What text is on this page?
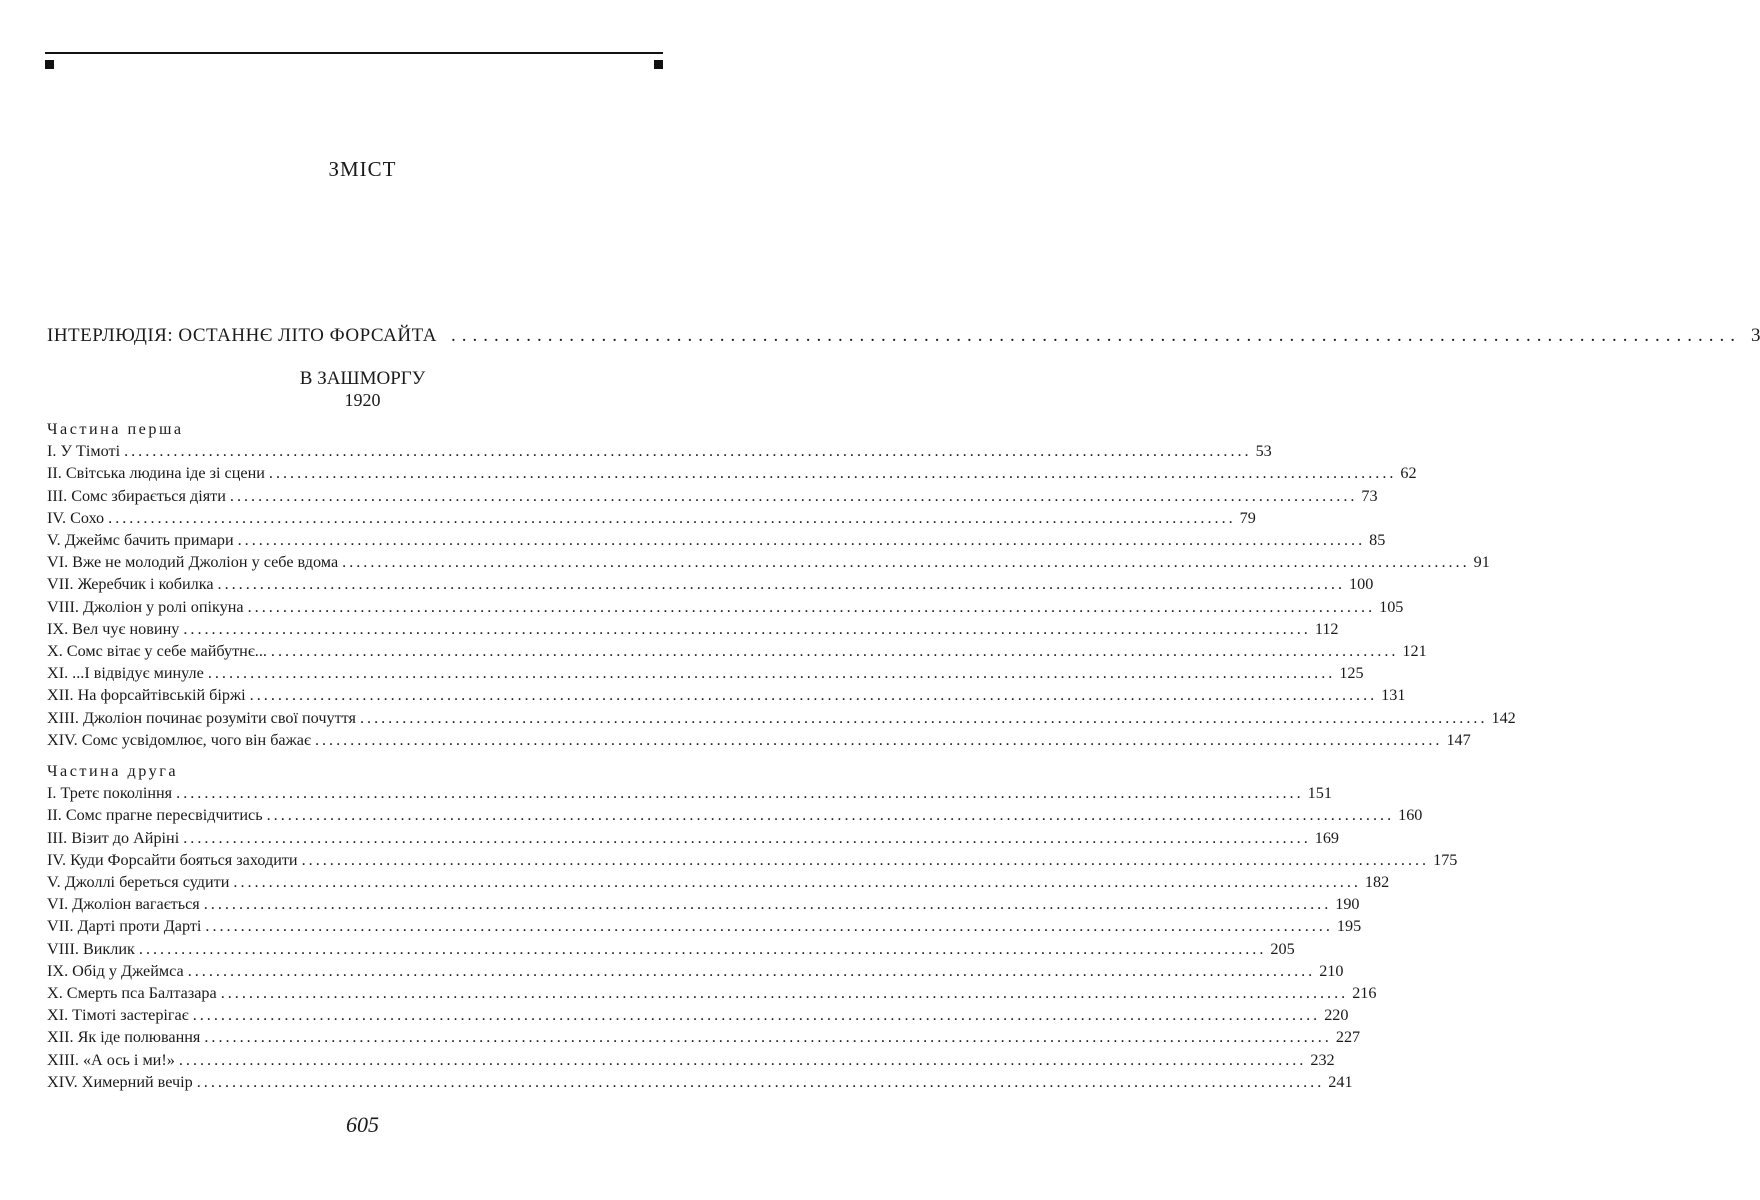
ЗМІСТ
ІНТЕРЛЮДІЯ: ОСТАННЄ ЛІТО ФОРСАЙТА ........................................................................................................................ 3
В ЗАШМОРГУ
1920
Частина перша
I. У Тімоті ................................................................................................................................................................ 53
II. Світська людина іде зі сцени ................................................................................................................................................................ 62
III. Сомс збирається діяти ................................................................................................................................................................ 73
IV. Сохо ................................................................................................................................................................ 79
V. Джеймс бачить примари ................................................................................................................................................................ 85
VI. Вже не молодий Джоліон у себе вдома ................................................................................................................................................................ 91
VII. Жеребчик і кобилка ................................................................................................................................................................ 100
VIII. Джоліон у ролі опікуна ................................................................................................................................................................ 105
IX. Вел чує новину ................................................................................................................................................................ 112
X. Сомс вітає у себе майбутнє... ................................................................................................................................................................ 121
XI. ...І відвідує минуле ................................................................................................................................................................ 125
XII. На форсайтівській біржі ................................................................................................................................................................ 131
XIII. Джоліон починає розуміти свої почуття ................................................................................................................................................................ 142
XIV. Сомс усвідомлює, чого він бажає ................................................................................................................................................................ 147
Частина друга
I. Третє покоління ................................................................................................................................................................ 151
II. Сомс прагне пересвідчитись ................................................................................................................................................................ 160
III. Візит до Айріні ................................................................................................................................................................ 169
IV. Куди Форсайти бояться заходити ................................................................................................................................................................ 175
V. Джоллі береться судити ................................................................................................................................................................ 182
VI. Джоліон вагається ................................................................................................................................................................ 190
VII. Дарті проти Дарті ................................................................................................................................................................ 195
VIII. Виклик ................................................................................................................................................................ 205
IX. Обід у Джеймса ................................................................................................................................................................ 210
X. Смерть пса Балтазара ................................................................................................................................................................ 216
XI. Тімоті застерігає ................................................................................................................................................................ 220
XII. Як іде полювання ................................................................................................................................................................ 227
XIII. «А ось і ми!» ................................................................................................................................................................ 232
XIV. Химерний вечір ................................................................................................................................................................ 241
605
